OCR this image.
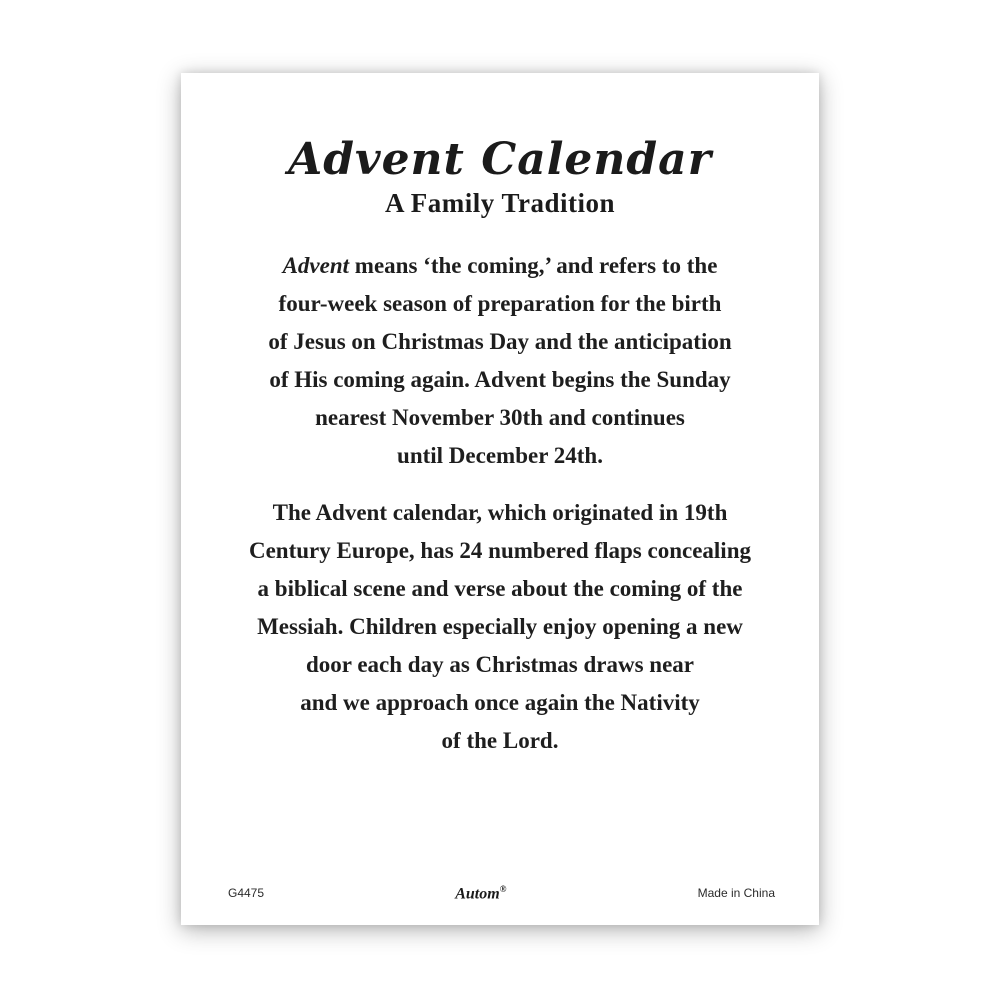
Advent Calendar
A Family Tradition

Advent means ‘the coming,’ and refers to the
four-week season of preparation for the birth
of Jesus on Christmas Day and the anticipation
of His coming again. Advent begins the Sunday
nearest November 30th and continues
until December 24th.

The Advent calendar, which originated in 19th
Century Europe, has 24 numbered flaps concealing
a biblical scene and verse about the coming of the
Messiah. Children especially enjoy opening a new
door each day as Christmas draws near
and we approach once again the Nativity
of the Lord.

G4475	Autom®	Made in China
